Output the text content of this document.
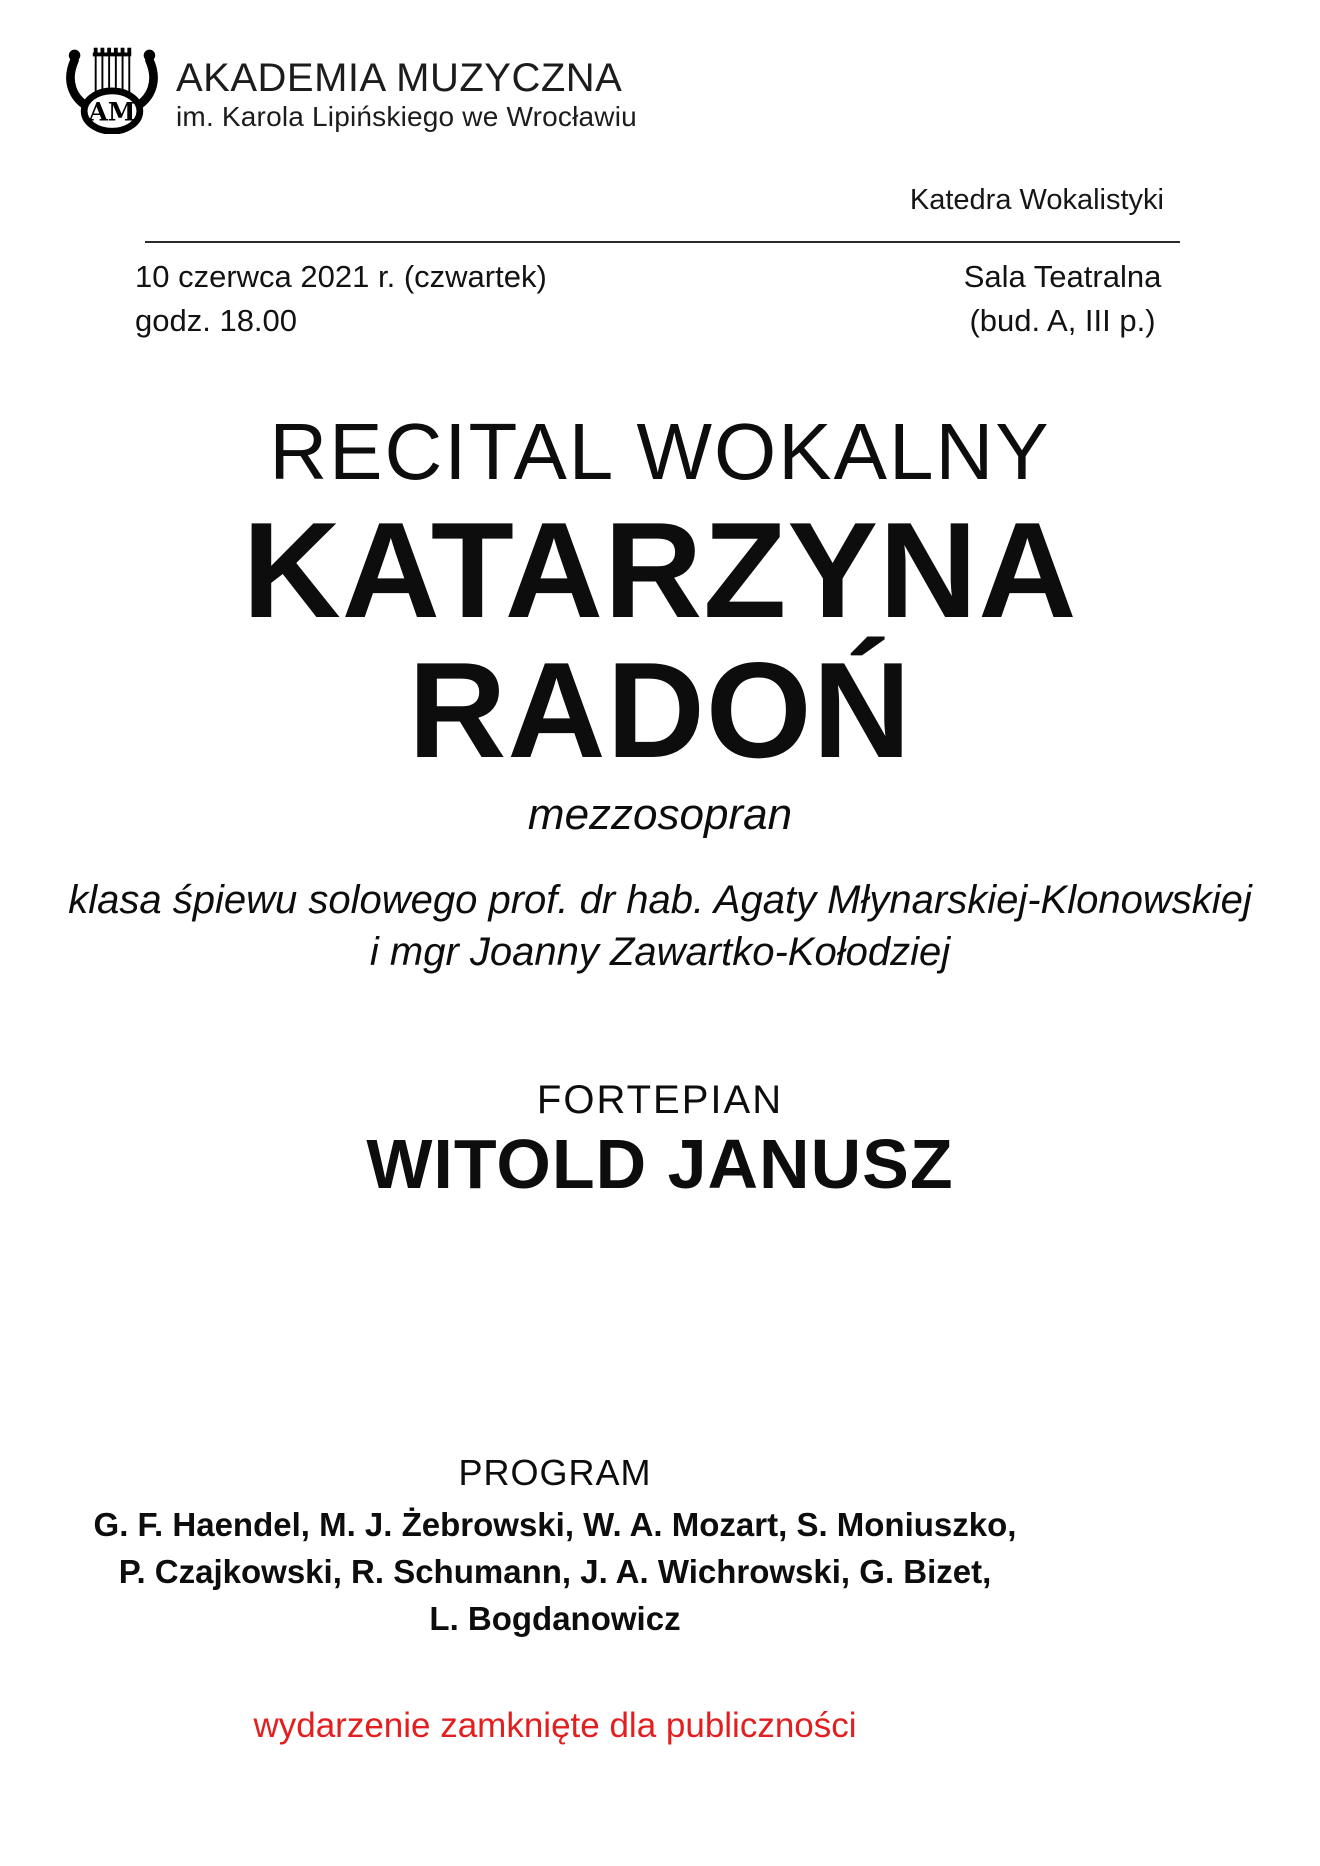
AM
AKADEMIA MUZYCZNA
im. Karola Lipińskiego we Wrocławiu
Katedra Wokalistyki
10 czerwca 2021 r. (czwartek)
godz. 18.00
Sala Teatralna
(bud. A, III p.)
RECITAL WOKALNY
KATARZYNA
RADOŃ
mezzosopran
klasa śpiewu solowego prof. dr hab. Agaty Młynarskiej-Klonowskiej
i mgr Joanny Zawartko-Kołodziej
FORTEPIAN
WITOLD JANUSZ
PROGRAM
G. F. Haendel, M. J. Żebrowski, W. A. Mozart, S. Moniuszko,
P. Czajkowski, R. Schumann, J. A. Wichrowski, G. Bizet,
L. Bogdanowicz
wydarzenie zamknięte dla publiczności
